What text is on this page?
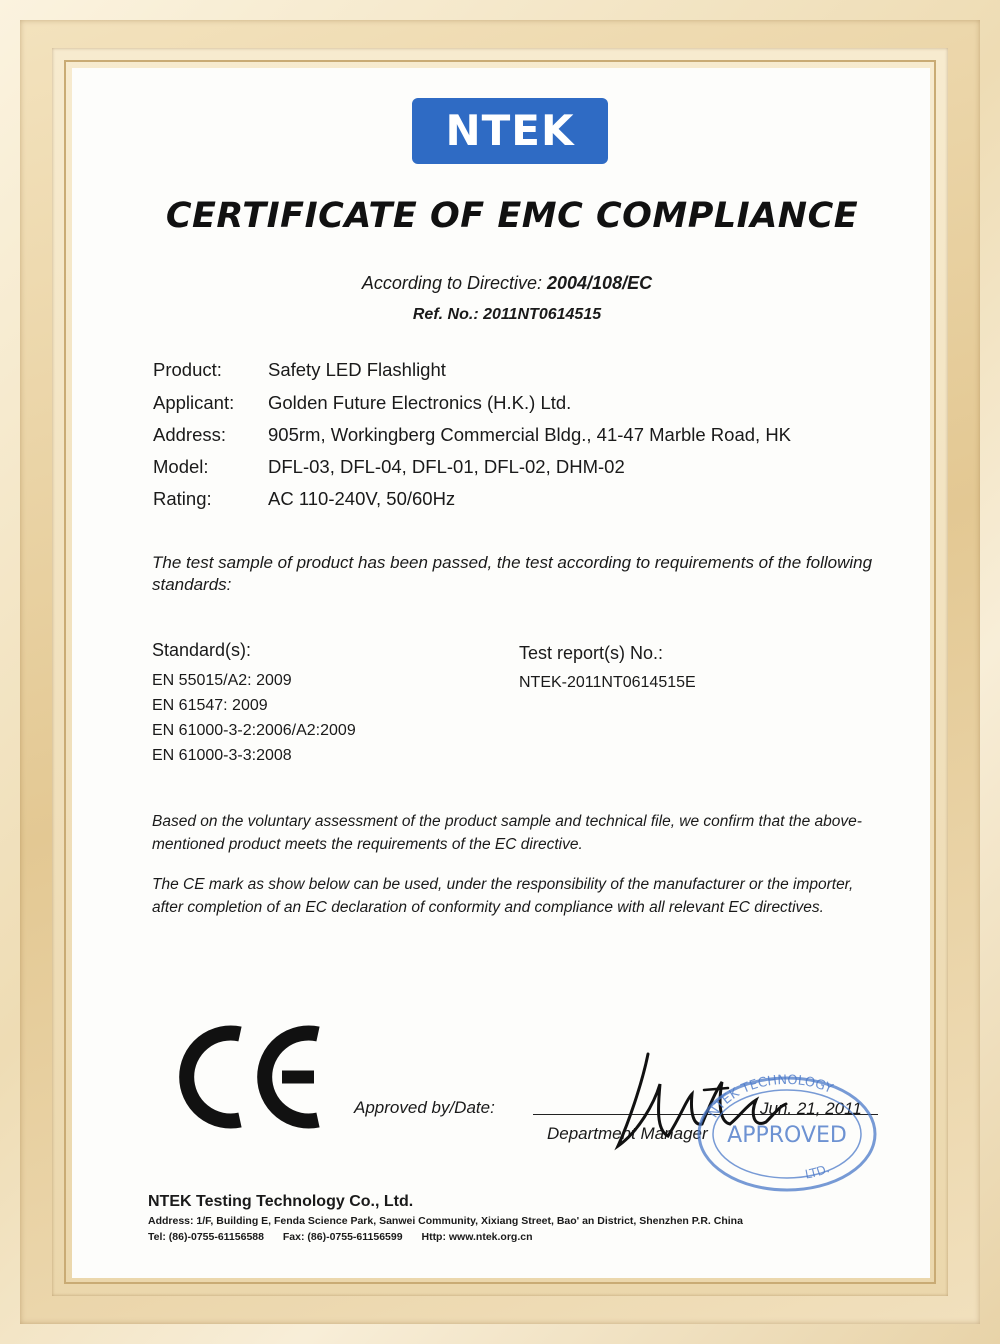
NTEK
CERTIFICATE OF EMC COMPLIANCE
According to Directive: 2004/108/EC
Ref. No.: 2011NT0614515
Product: Safety LED Flashlight
Applicant: Golden Future Electronics (H.K.) Ltd.
Address: 905rm, Workingberg Commercial Bldg., 41-47 Marble Road, HK
Model:	DFL-03, DFL-04, DFL-01, DFL-02, DHM-02
Rating:	AC 110-240V, 50/60Hz
The test sample of product has been passed, the test according to requirements of the following standards:
Standard(s):
EN 55015/A2: 2009
EN 61547: 2009
EN 61000-3-2:2006/A2:2009
EN 61000-3-3:2008
Test report(s) No.:
NTEK-2011NT0614515E
Based on the voluntary assessment of the product sample and technical file, we confirm that the above-mentioned product meets the requirements of the EC directive.
The CE mark as show below can be used, under the responsibility of the manufacturer or the importer, after completion of an EC declaration of conformity and compliance with all relevant EC directives.
Approved by/Date:	Jun. 21, 2011
Department Manager
NTEK TECHNOLOGY
APPROVED
LTD.
NTEK Testing Technology Co., Ltd.
Address: 1/F, Building E, Fenda Science Park, Sanwei Community, Xixiang Street, Bao' an District, Shenzhen P.R. China
Tel: (86)-0755-61156588 Fax: (86)-0755-61156599 Http: www.ntek.org.cn
